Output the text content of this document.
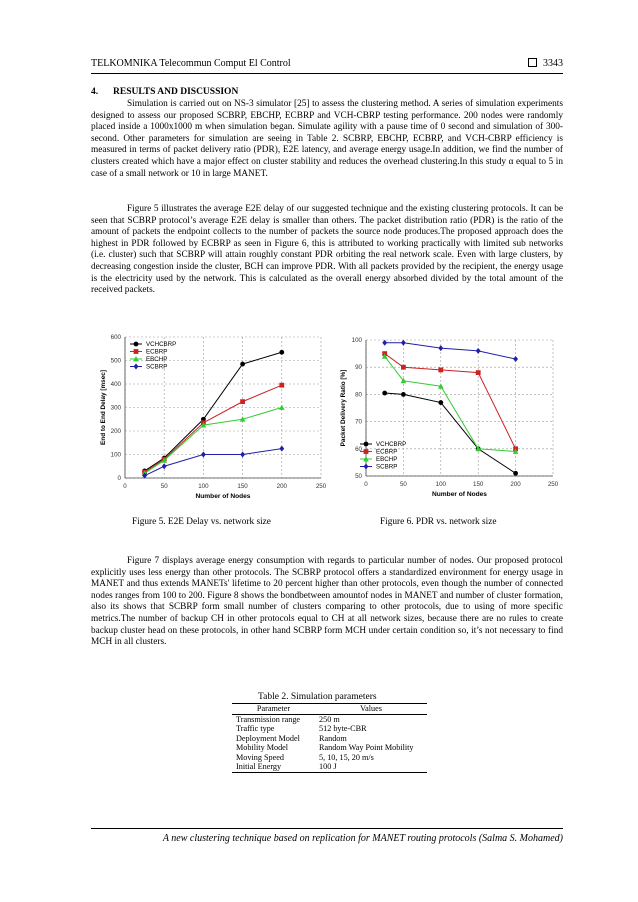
TELKOMNIKA Telecommun Comput El Control	3343
4. RESULTS AND DISCUSSION

Simulation is carried out on NS-3 simulator [25] to assess the clustering method. A series of simulation experiments designed to assess our proposed SCBRP, EBCHP, ECBRP and VCH-CBRP testing performance. 200 nodes were randomly placed inside a 1000x1000 m when simulation began. Simulate agility with a pause time of 0 second and simulation of 300-second. Other parameters for simulation are seeing in Table 2. SCBRP, EBCHP, ECBRP, and VCH-CBRP efficiency is measured in terms of packet delivery ratio (PDR), E2E latency, and average energy usage.In addition, we find the number of clusters created which have a major effect on cluster stability and reduces the overhead clustering.In this study α equal to 5 in case of a small network or 10 in large MANET.

Figure 5 illustrates the average E2E delay of our suggested technique and the existing clustering protocols. It can be seen that SCBRP protocol’s average E2E delay is smaller than others. The packet distribution ratio (PDR) is the ratio of the amount of packets the endpoint collects to the number of packets the source node produces.The proposed approach does the highest in PDR followed by ECBRP as seen in Figure 6, this is attributed to working practically with limited sub networks (i.e. cluster) such that SCBRP will attain roughly constant PDR orbiting the real network scale. Even with large clusters, by decreasing congestion inside the cluster, BCH can improve PDR. With all packets provided by the recipient, the energy usage is the electricity used by the network. This is calculated as the overall energy absorbed divided by the total amount of the received packets.

0	50	100	150	200	250
0
100
200
300
400
500
600
Number of Nodes
End to End Delay [msec]
VCHCBRP
ECBRP
EBCHP
SCBRP
Figure 5. E2E Delay vs. network size
0	50	100	150	200	250
50
60
70
80
90
100
Number of Nodes
Packet Delivery Ratio [%]	VCHCBRP
ECBRP
EBCHP
SCBRP
Figure 6. PDR vs. network size

Figure 7 displays average energy consumption with regards to particular number of nodes. Our proposed protocol explicitly uses less energy than other protocols. The SCBRP protocol offers a standardized environment for energy usage in MANET and thus extends MANETs' lifetime to 20 percent higher than other protocols, even though the number of connected nodes ranges from 100 to 200. Figure 8 shows the bondbetween amountof nodes in MANET and number of cluster formation, also its shows that SCBRP form small number of clusters comparing to other protocols, due to using of more specific metrics.The number of backup CH in other protocols equal to CH at all network sizes, because there are no rules to create backup cluster head on these protocols, in other hand SCBRP form MCH under certain condition so, it’s not necessary to find MCH in all clusters.

Table 2. Simulation parameters
Parameter	Values
Transmission range	250 m
Traffic type	512 byte-CBR
Deployment Model	Random
Mobility Model	Random Way Point Mobility
Moving Speed	5, 10, 15, 20 m/s
Initial Energy	100 J
A new clustering technique based on replication for MANET routing protocols (Salma S. Mohamed)
